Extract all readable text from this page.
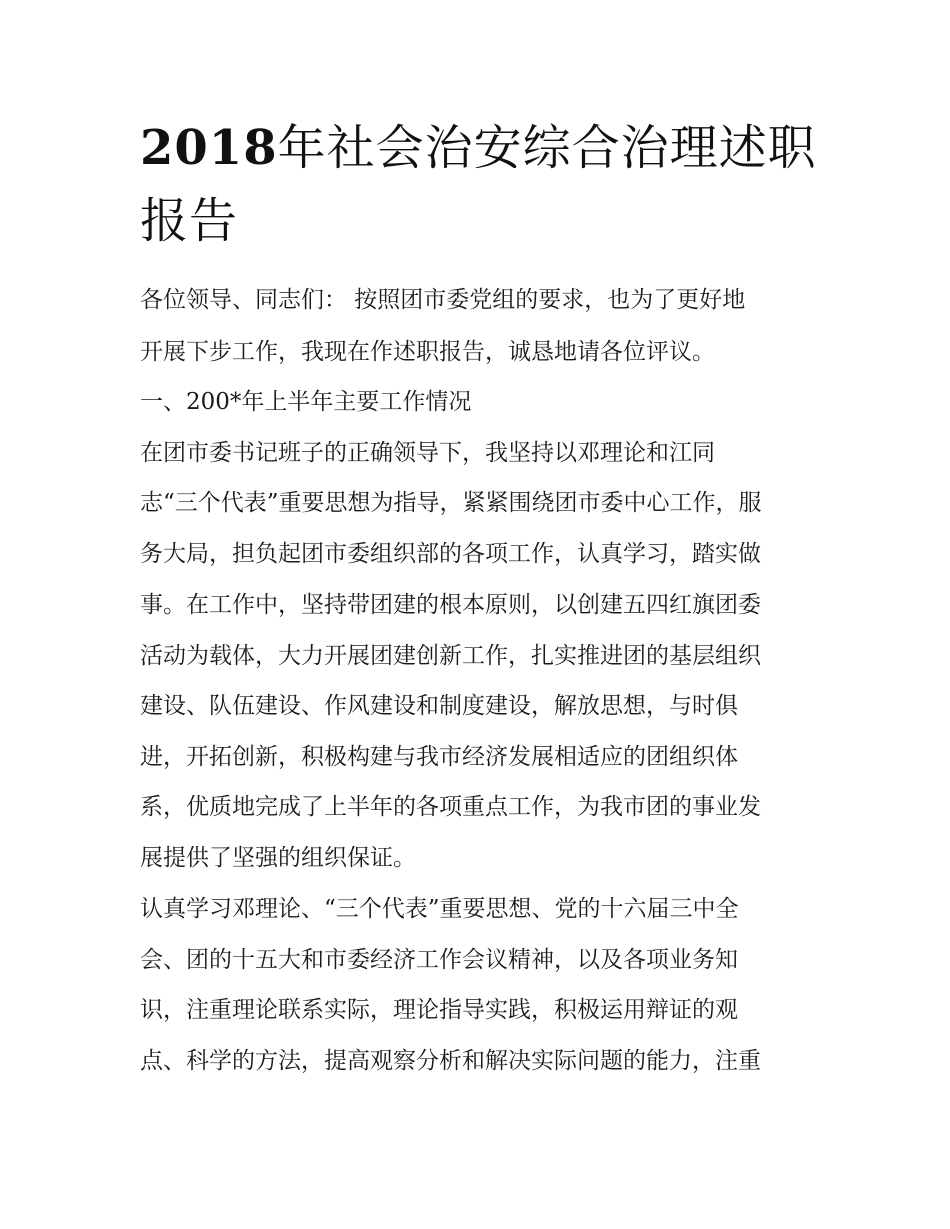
2018年社会治安综合治理述职
报告

各位领导、同志们： 按照团市委党组的要求，也为了更好地

开展下步工作，我现在作述职报告，诚恳地请各位评议。

一、200*年上半年主要工作情况

在团市委书记班子的正确领导下，我坚持以邓理论和江同

志“三个代表”重要思想为指导，紧紧围绕团市委中心工作，服

务大局，担负起团市委组织部的各项工作，认真学习，踏实做

事。在工作中，坚持带团建的根本原则，以创建五四红旗团委

活动为载体，大力开展团建创新工作，扎实推进团的基层组织

建设、队伍建设、作风建设和制度建设，解放思想，与时俱

进，开拓创新，积极构建与我市经济发展相适应的团组织体

系，优质地完成了上半年的各项重点工作，为我市团的事业发

展提供了坚强的组织保证。

认真学习邓理论、“三个代表”重要思想、党的十六届三中全

会、团的十五大和市委经济工作会议精神，以及各项业务知

识，注重理论联系实际，理论指导实践，积极运用辩证的观

点、科学的方法，提高观察分析和解决实际问题的能力，注重
